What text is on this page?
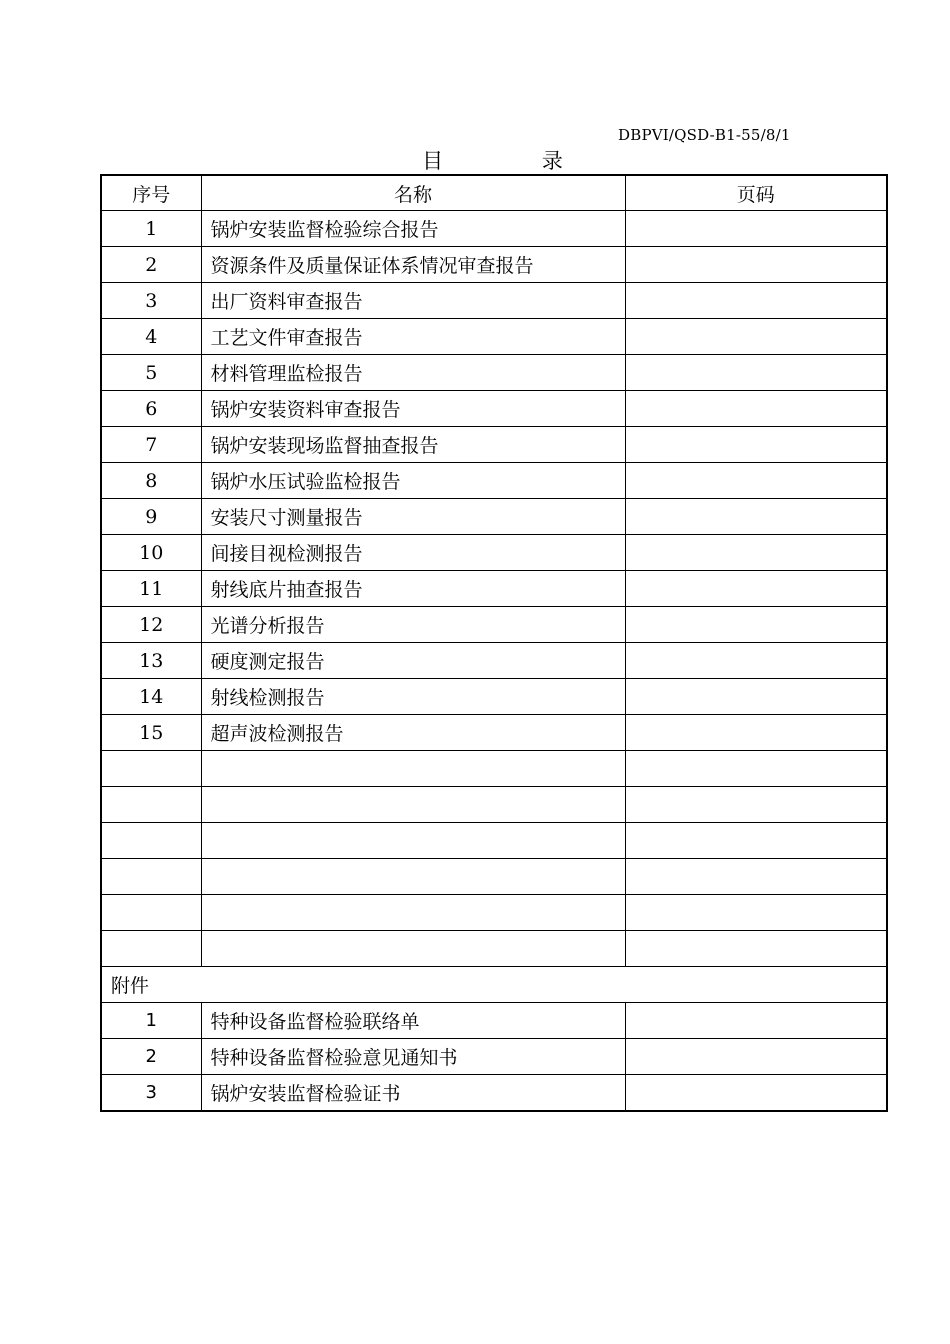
DBPVI/QSD-B1-55/8/1
目 录
序号	名称	页码
1	锅炉安装监督检验综合报告	
2	资源条件及质量保证体系情况审查报告	
3	出厂资料审查报告	
4	工艺文件审查报告	
5	材料管理监检报告	
6	锅炉安装资料审查报告	
7	锅炉安装现场监督抽查报告	
8	锅炉水压试验监检报告	
9	安装尺寸测量报告	
10	间接目视检测报告	
11	射线底片抽查报告	
12	光谱分析报告	
13	硬度测定报告	
14	射线检测报告	
15	超声波检测报告	

附件		
1	特种设备监督检验联络单	
2	特种设备监督检验意见通知书	
3	锅炉安装监督检验证书	
